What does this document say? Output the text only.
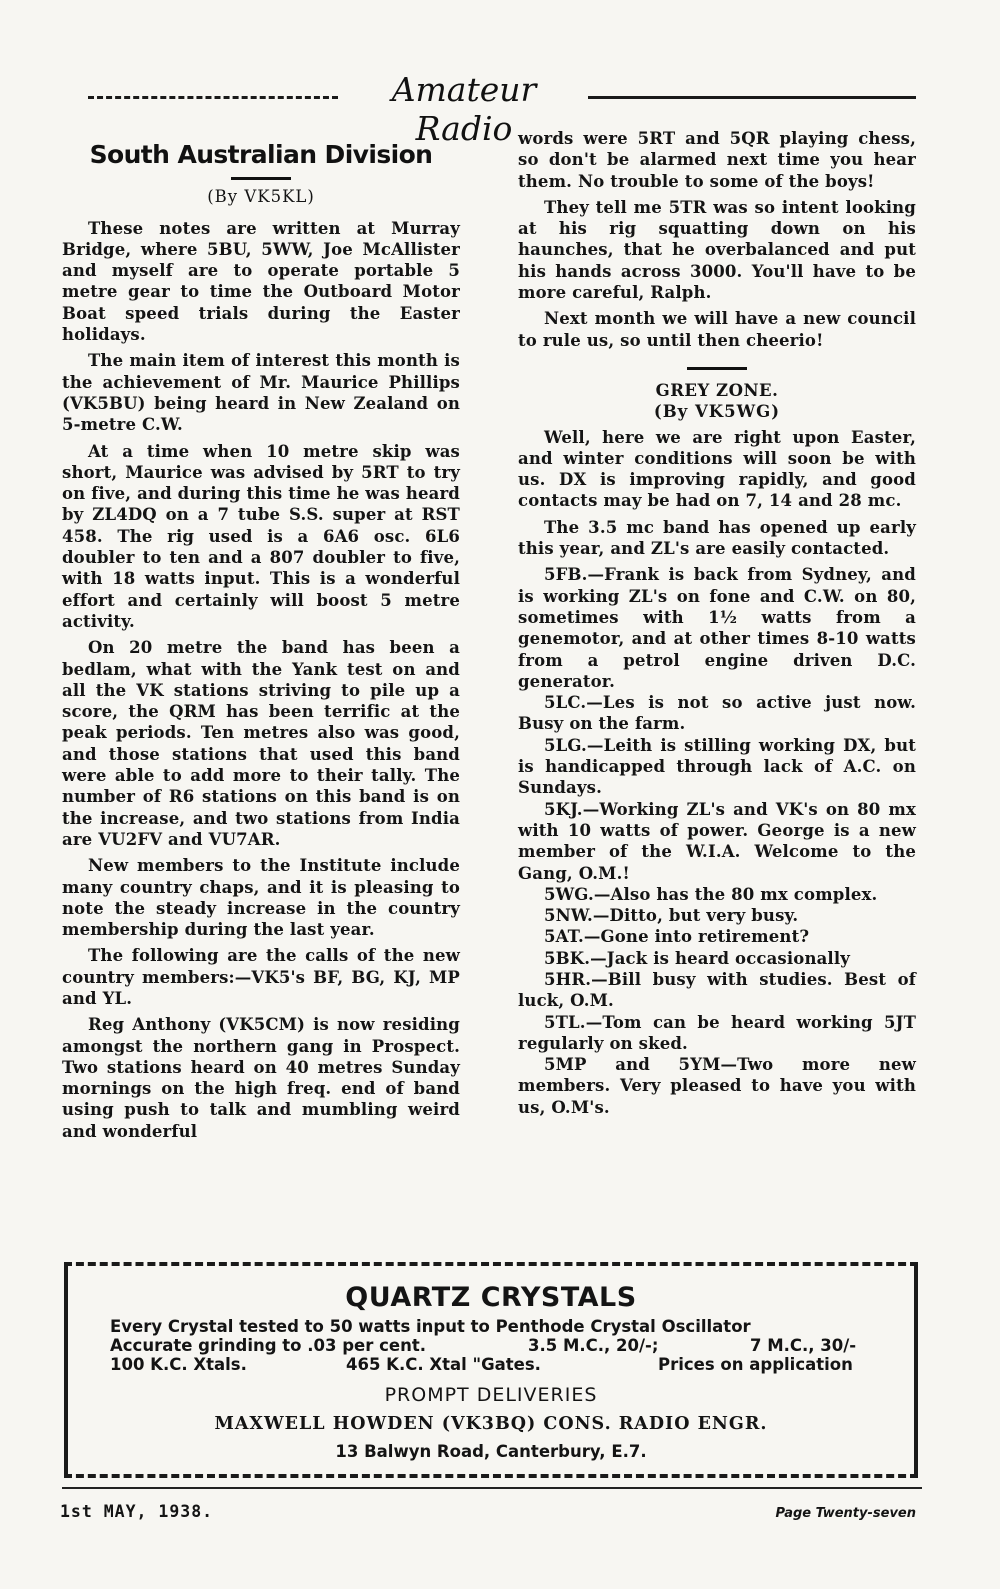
Amateur Radio
South Australian Division

(By VK5KL)

These notes are written at Murray Bridge, where 5BU, 5WW, Joe McAllister and myself are to operate portable 5 metre gear to time the Outboard Motor Boat speed trials during the Easter holidays.

The main item of interest this month is the achievement of Mr. Maurice Phillips (VK5BU) being heard in New Zealand on 5-metre C.W.

At a time when 10 metre skip was short, Maurice was advised by 5RT to try on five, and during this time he was heard by ZL4DQ on a 7 tube S.S. super at RST 458. The rig used is a 6A6 osc. 6L6 doubler to ten and a 807 doubler to five, with 18 watts input. This is a wonderful effort and certainly will boost 5 metre activity.

On 20 metre the band has been a bedlam, what with the Yank test on and all the VK stations striving to pile up a score, the QRM has been terrific at the peak periods. Ten metres also was good, and those stations that used this band were able to add more to their tally. The number of R6 stations on this band is on the increase, and two stations from India are VU2FV and VU7AR.

New members to the Institute include many country chaps, and it is pleasing to note the steady increase in the country membership during the last year.

The following are the calls of the new country members:—VK5's BF, BG, KJ, MP and YL.

Reg Anthony (VK5CM) is now residing amongst the northern gang in Prospect. Two stations heard on 40 metres Sunday mornings on the high freq. end of band using push to talk and mumbling weird and wonderful

words were 5RT and 5QR playing chess, so don't be alarmed next time you hear them. No trouble to some of the boys!

They tell me 5TR was so intent looking at his rig squatting down on his haunches, that he overbalanced and put his hands across 3000. You'll have to be more careful, Ralph.

Next month we will have a new council to rule us, so until then cheerio!

GREY ZONE.

(By VK5WG)

Well, here we are right upon Easter, and winter conditions will soon be with us. DX is improving rapidly, and good contacts may be had on 7, 14 and 28 mc.

The 3.5 mc band has opened up early this year, and ZL's are easily contacted.

5FB.—Frank is back from Sydney, and is working ZL's on fone and C.W. on 80, sometimes with 1½ watts from a genemotor, and at other times 8-10 watts from a petrol engine driven D.C. generator.

5LC.—Les is not so active just now. Busy on the farm.

5LG.—Leith is stilling working DX, but is handicapped through lack of A.C. on Sundays.

5KJ.—Working ZL's and VK's on 80 mx with 10 watts of power. George is a new member of the W.I.A. Welcome to the Gang, O.M.!

5WG.—Also has the 80 mx complex.

5NW.—Ditto, but very busy.

5AT.—Gone into retirement?

5BK.—Jack is heard occasionally

5HR.—Bill busy with studies. Best of luck, O.M.

5TL.—Tom can be heard working 5JT regularly on sked.

5MP and 5YM—Two more new members. Very pleased to have you with us, O.M's.

QUARTZ CRYSTALS
Every Crystal tested to 50 watts input to Penthode Crystal Oscillator
Accurate grinding to .03 per cent.	3.5 M.C., 20/-;	7 M.C., 30/-
100 K.C. Xtals.	465 K.C. Xtal "Gates.	Prices on application
PROMPT DELIVERIES
MAXWELL HOWDEN (VK3BQ) CONS. RADIO ENGR.
13 Balwyn Road, Canterbury, E.7.
1st MAY, 1938.	Page Twenty-seven
